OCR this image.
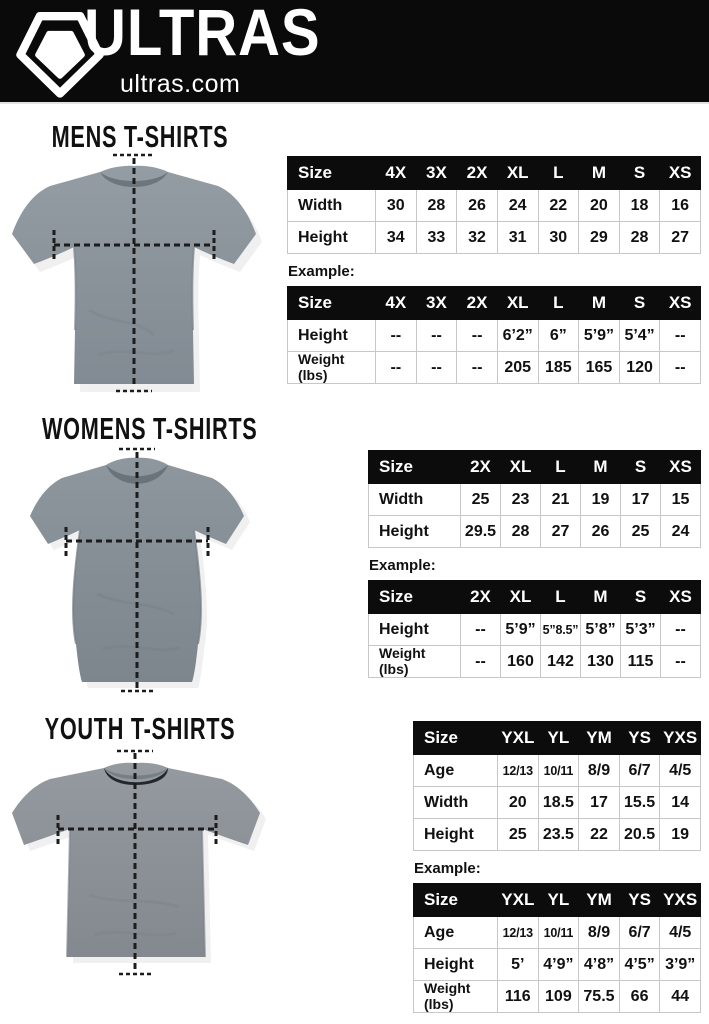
ULTRAS
ultras.com
MENS T-SHIRTS
Size	4X	3X	2X	XL	L	M	S	XS
Width	30	28	26	24	22	20	18	16
Height	34	33	32	31	30	29	28	27
Example:
Size	4X	3X	2X	XL	L	M	S	XS
Height	--	--	--	6’2”	6”	5’9”	5’4”	--
Weight (lbs)	--	--	--	205	185	165	120	--
WOMENS T-SHIRTS
Size	2X	XL	L	M	S	XS
Width	25	23	21	19	17	15
Height	29.5	28	27	26	25	24
Example:
Size	2X	XL	L	M	S	XS
Height	--	5’9”	5”8.5”	5’8”	5’3”	--
Weight (lbs)	--	160	142	130	115	--
YOUTH T-SHIRTS	Size	YXL	YL	YM	YS	YXS
Age	12/13	10/11	8/9	6/7	4/5
Width	20	18.5	17	15.5	14
Height	25	23.5	22	20.5	19
Example:
Size	YXL	YL	YM	YS	YXS
Age	12/13	10/11	8/9	6/7	4/5
Height	5’	4’9”	4’8”	4’5”	3’9”
Weight (lbs)	116	109	75.5	66	44
